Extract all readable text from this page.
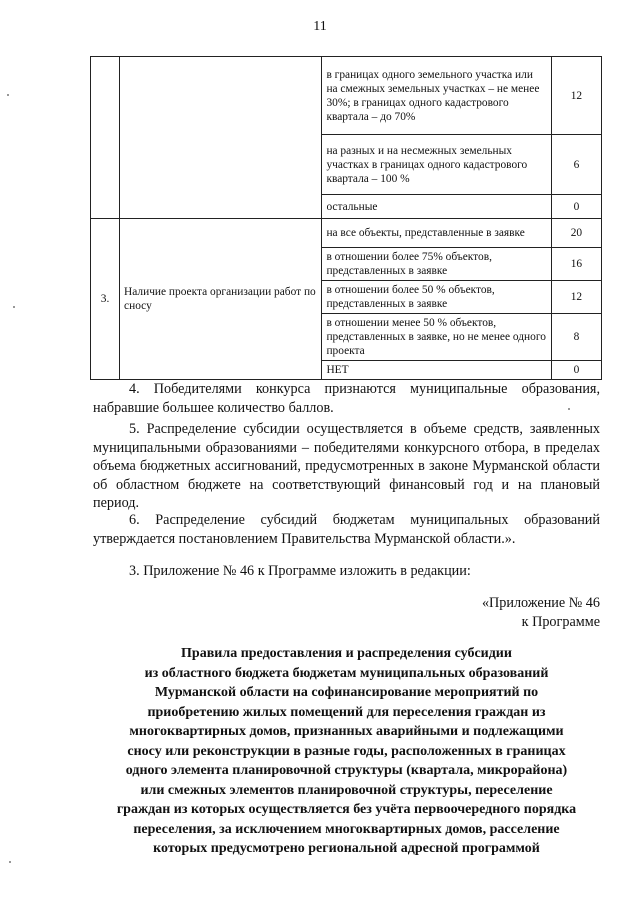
11
		в границах одного земельного участка или на смежных земельных участках – не менее 30%; в границах одного кадастрового квартала – до 70%	12
		на разных и на несмежных земельных участках в границах одного кадастрового квартала – 100 %	6
		остальные	0
3.	Наличие проекта организации работ по сносу	на все объекты, представленные в заявке	20
		в отношении более 75% объектов, представленных в заявке	16
		в отношении более 50 % объектов, представленных в заявке	12
		в отношении менее 50 % объектов, представленных в заявке, но не менее одного проекта	8
		НЕТ	0

4. Победителями конкурса признаются муниципальные образования, набравшие большее количество баллов.

5. Распределение субсидии осуществляется в объеме средств, заявленных муниципальными образованиями – победителями конкурсного отбора, в пределах объема бюджетных ассигнований, предусмотренных в законе Мурманской области об областном бюджете на соответствующий финансовый год и на плановый период.

6. Распределение субсидий бюджетам муниципальных образований утверждается постановлением Правительства Мурманской области.».

3. Приложение № 46 к Программе изложить в редакции:

«Приложение № 46
к Программе
Правила предоставления и распределения субсидии
из областного бюджета бюджетам муниципальных образований
Мурманской области на софинансирование мероприятий по
приобретению жилых помещений для переселения граждан из
многоквартирных домов, признанных аварийными и подлежащими
сносу или реконструкции в разные годы, расположенных в границах
одного элемента планировочной структуры (квартала, микрорайона)
или смежных элементов планировочной структуры, переселение
граждан из которых осуществляется без учёта первоочередного порядка
переселения, за исключением многоквартирных домов, расселение
которых предусмотрено региональной адресной программой
